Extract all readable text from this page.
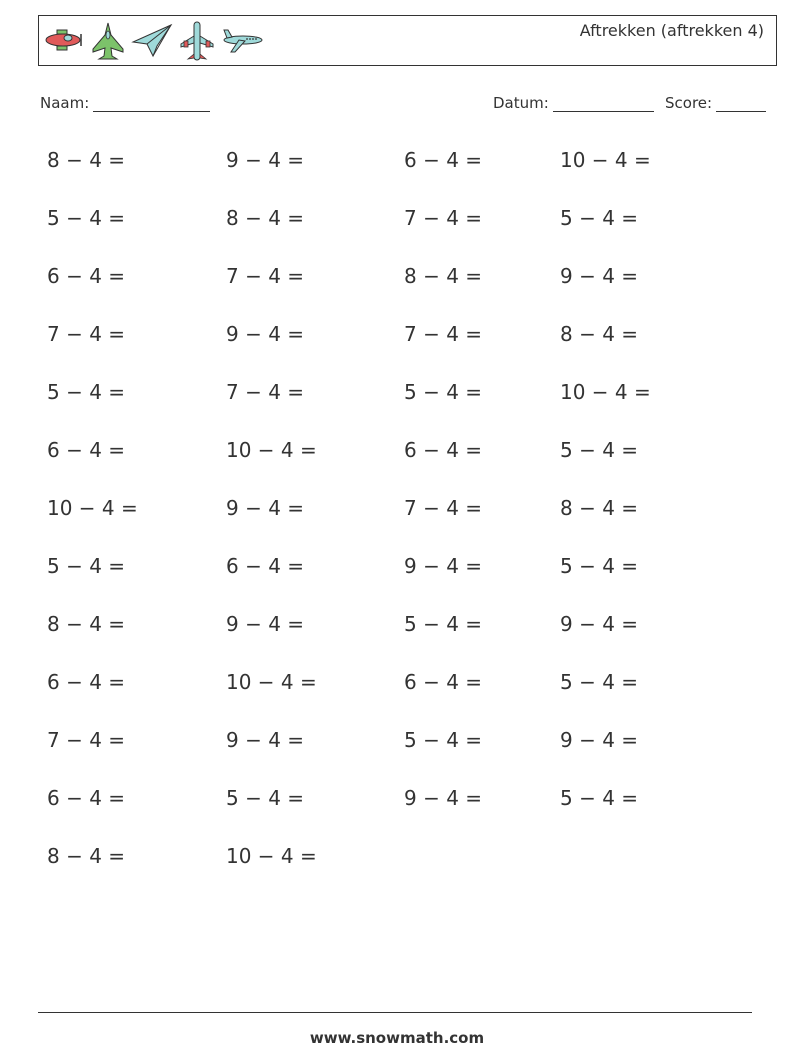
Aftrekken (aftrekken 4)
Naam:	Datum:	Score:
8 − 4 =	9 − 4 =	6 − 4 =	10 − 4 =
5 − 4 =	8 − 4 =	7 − 4 =	5 − 4 =
6 − 4 =	7 − 4 =	8 − 4 =	9 − 4 =
7 − 4 =	9 − 4 =	7 − 4 =	8 − 4 =
5 − 4 =	7 − 4 =	5 − 4 =	10 − 4 =
6 − 4 =	10 − 4 =	6 − 4 =	5 − 4 =
10 − 4 =	9 − 4 =	7 − 4 =	8 − 4 =
5 − 4 =	6 − 4 =	9 − 4 =	5 − 4 =
8 − 4 =	9 − 4 =	5 − 4 =	9 − 4 =
6 − 4 =	10 − 4 =	6 − 4 =	5 − 4 =
7 − 4 =	9 − 4 =	5 − 4 =	9 − 4 =
6 − 4 =	5 − 4 =	9 − 4 =	5 − 4 =
8 − 4 =	10 − 4 =
www.snowmath.com
